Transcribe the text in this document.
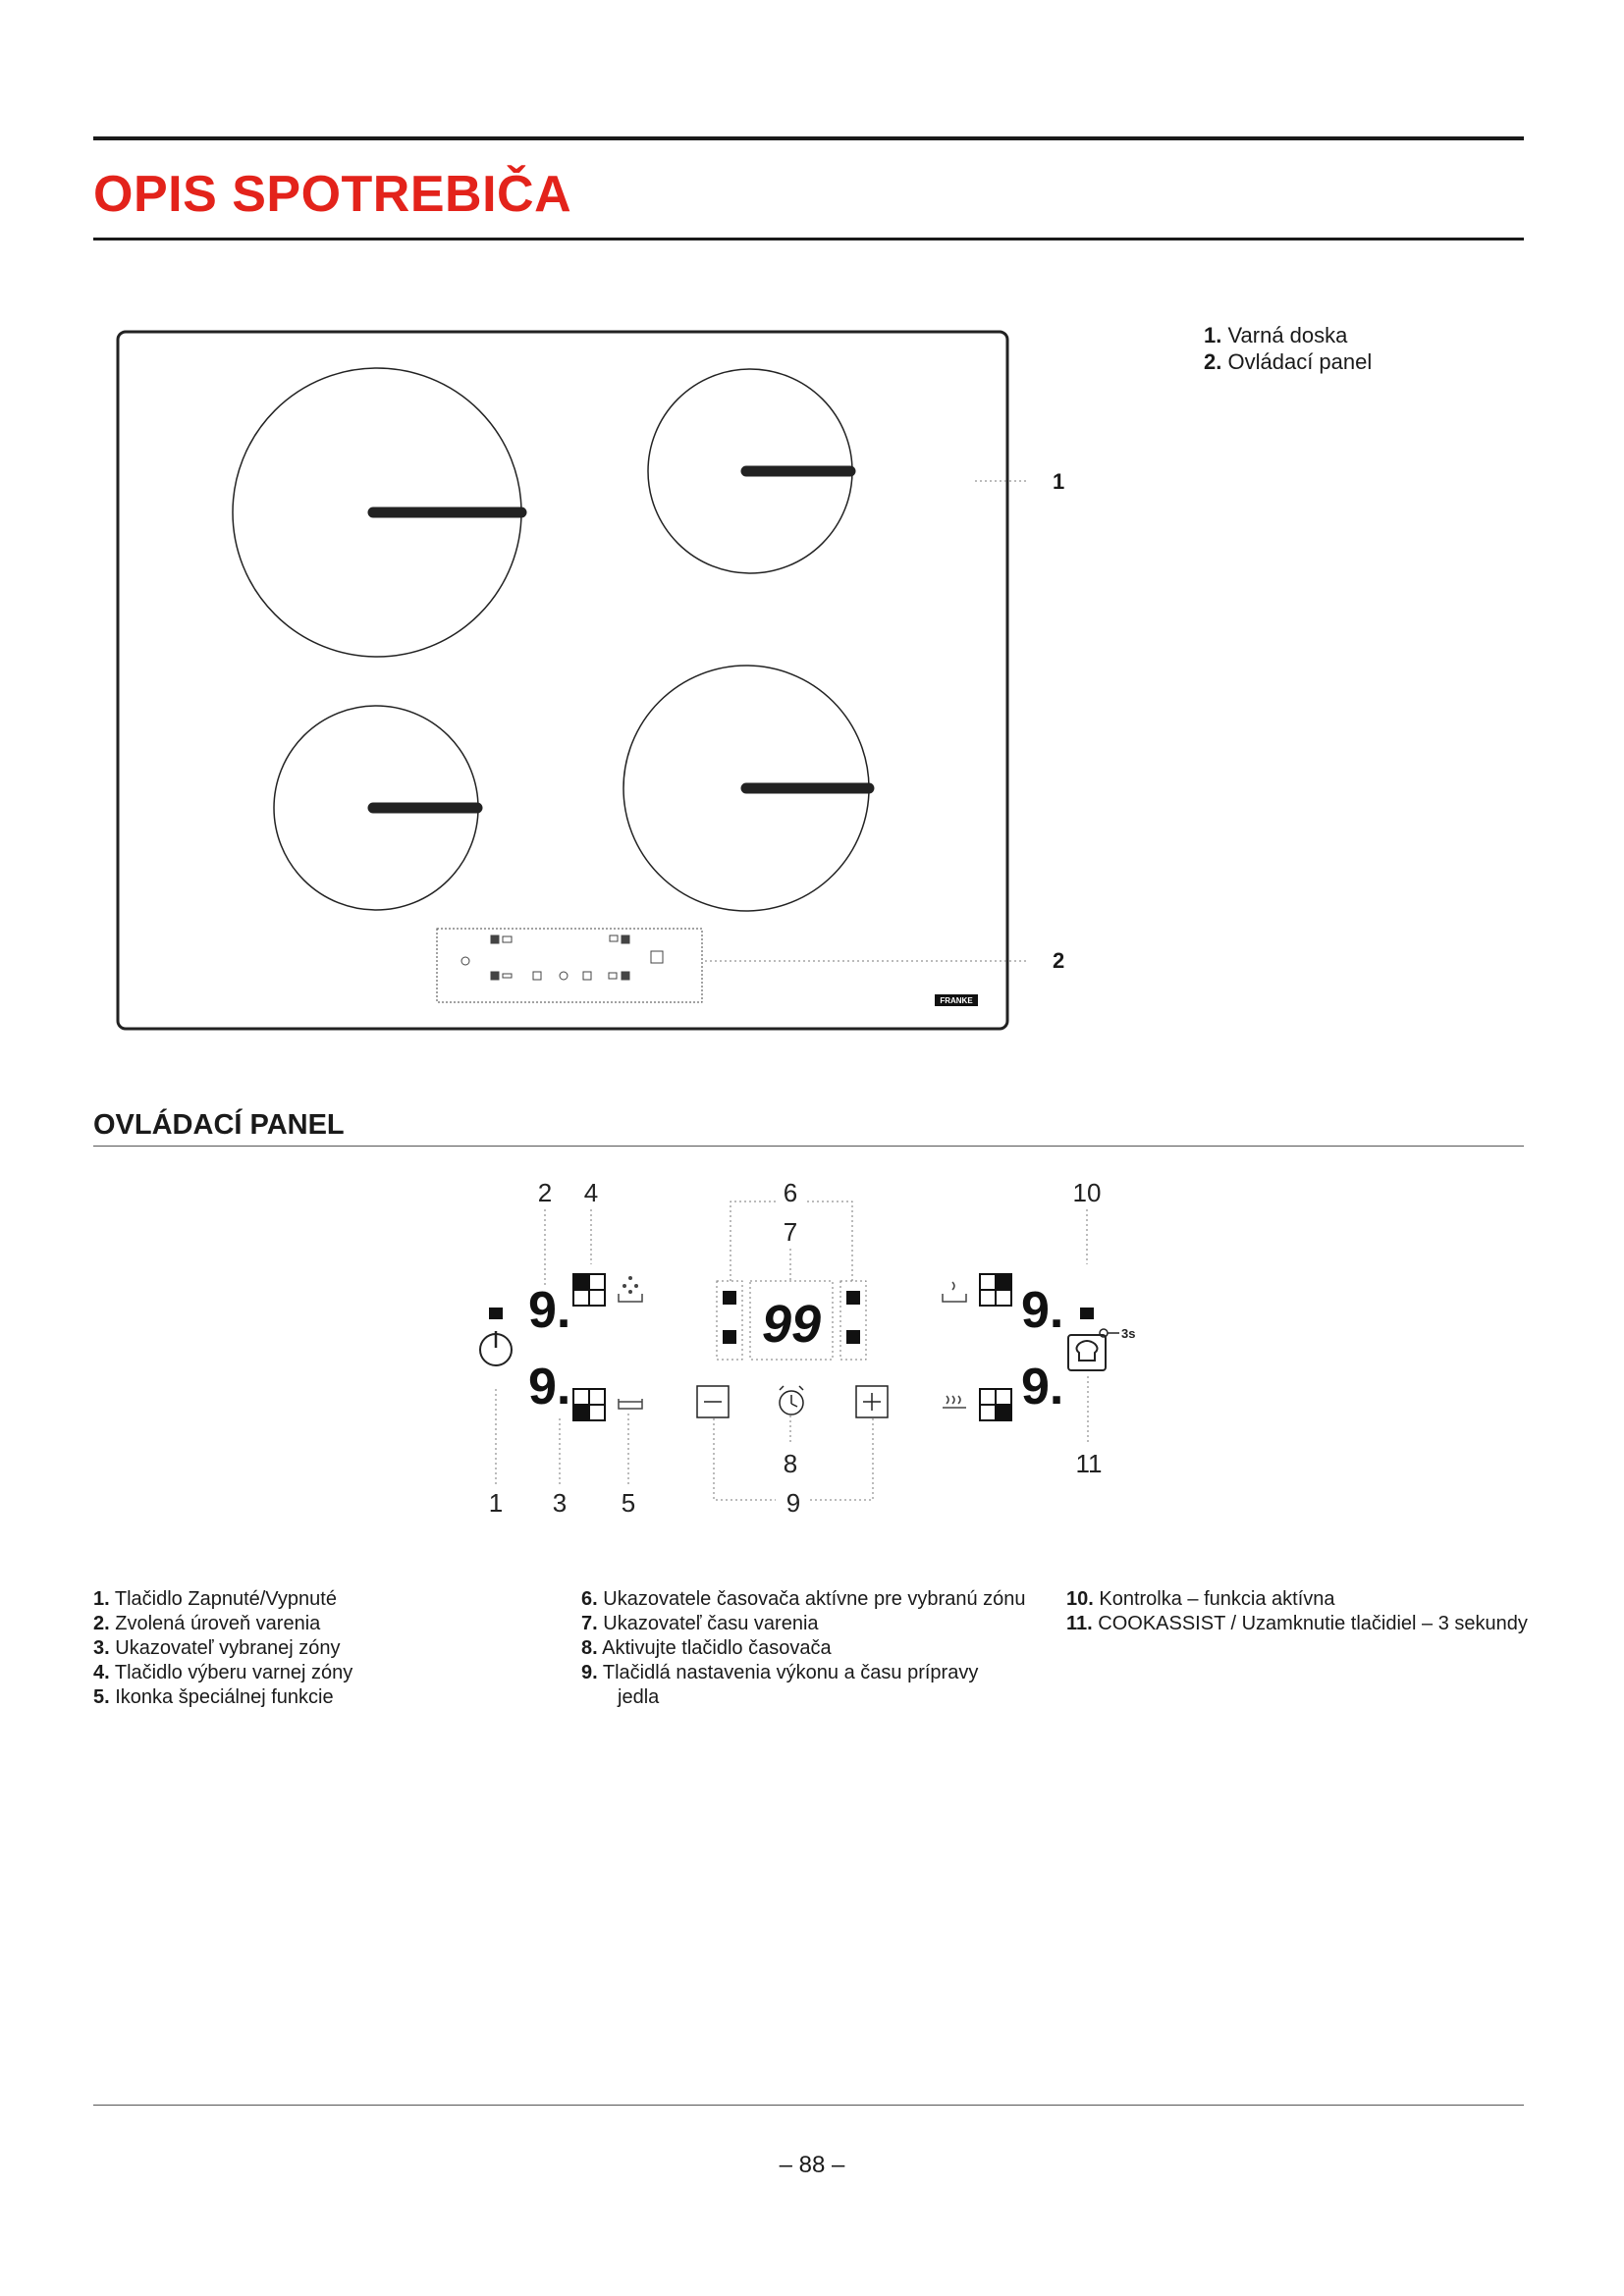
OPIS SPOTREBIČA
FRANKE
1
2
1. Varná doska
2. Ovládací panel
OVLÁDACÍ PANEL
2 4	6
7
10
1 3 5
8
9
11
9.
9.
9.
9.
99	3s
1. Tlačidlo Zapnuté/Vypnuté
2. Zvolená úroveň varenia
3. Ukazovateľ vybranej zóny
4. Tlačidlo výberu varnej zóny
5. Ikonka špeciálnej funkcie
6. Ukazovatele časovača aktívne pre vybranú zónu
7. Ukazovateľ času varenia
8. Aktivujte tlačidlo časovača
9. Tlačidlá nastavenia výkonu a času prípravy
jedla
10. Kontrolka – funkcia aktívna
11. COOKASSIST / Uzamknutie tlačidiel – 3 sekundy
– 88 –
